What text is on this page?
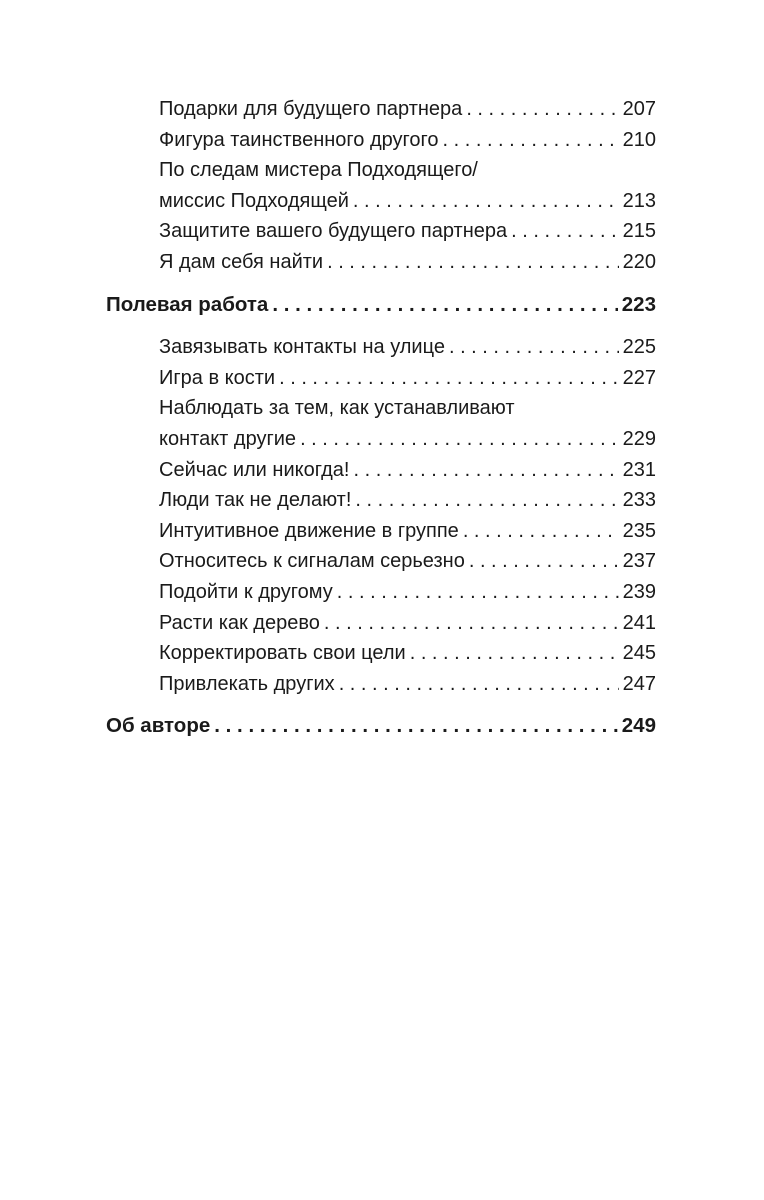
Подарки для будущего партнера . . .	207
Фигура таинственного другого . . .	210
По следам мистера Подходящего/
миссис Подходящей . . .	213
Защитите вашего будущего партнера . . .	215
Я дам себя найти . . .	220
Полевая работа . . .	223
Завязывать контакты на улице . . .	225
Игра в кости . . .	227
Наблюдать за тем, как устанавливают
контакт другие . . .	229
Сейчас или никогда! . . .	231
Люди так не делают! . . .	233
Интуитивное движение в группе . . .	235
Относитесь к сигналам серьезно . . .	237
Подойти к другому . . .	239
Расти как дерево . . .	241
Корректировать свои цели . . .	245
Привлекать других . . .	247
Об авторе . . .	249
